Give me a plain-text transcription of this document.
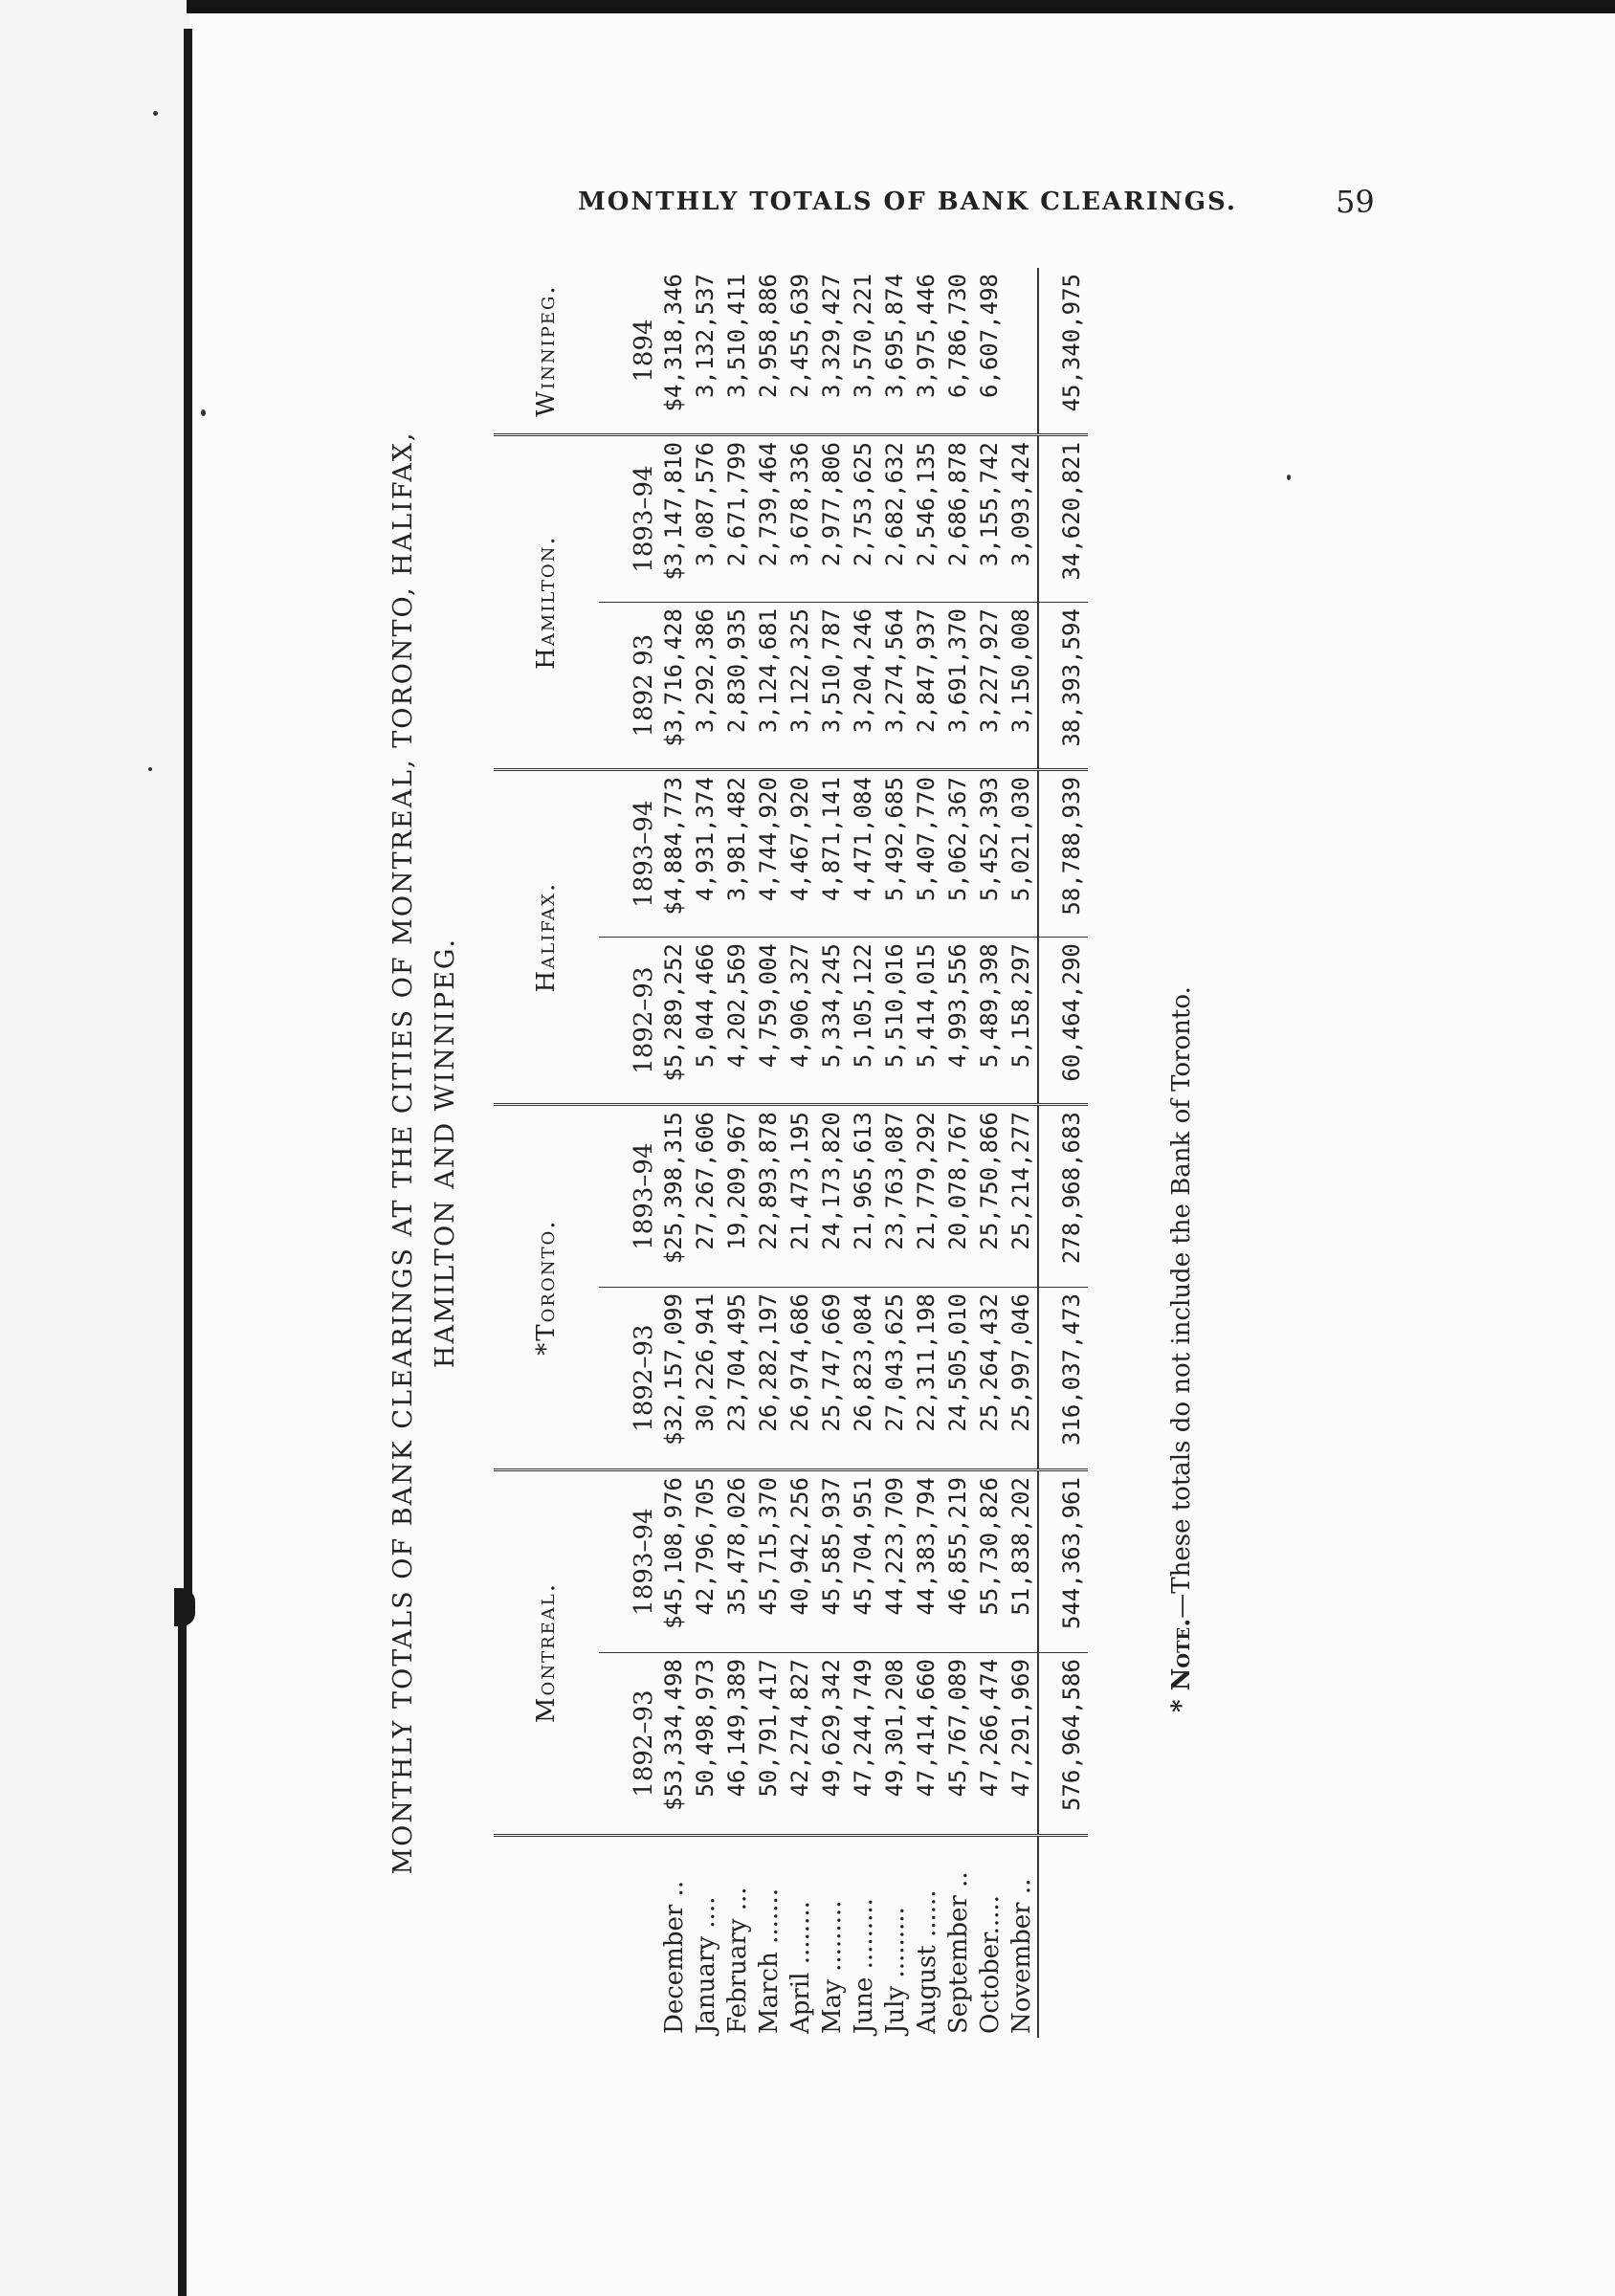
MONTHLY TOTALS OF BANK CLEARINGS.	59
MONTHLY TOTALS OF BANK CLEARINGS AT THE CITIES OF MONTREAL, TORONTO, HALIFAX, HAMILTON AND WINNIPEG.
	Montreal.		*Toronto.		Halifax.		Hamilton.		Winnipeg.
	1892–93	1893–94	1892–93	1893–94	1892–93	1893–94	1892 93	1893–94	1894
December ..	$53,334,498	$45,108,976	$32,157,099	$25,398,315	$5,289,252	$4,884,773	$3,716,428	$3,147,810	$4,318,346
January ....	50,498,973	42,796,705	30,226,941	27,267,606	5,044,466	4,931,374	3,292,386	3,087,576	3,132,537
February ...	46,149,389	35,478,026	23,704,495	19,209,967	4,202,569	3,981,482	2,830,935	2,671,799	3,510,411
March .......	50,791,417	45,715,370	26,282,197	22,893,878	4,759,004	4,744,920	3,124,681	2,739,464	2,958,886
April ........	42,274,827	40,942,256	26,974,686	21,473,195	4,906,327	4,467,920	3,122,325	3,678,336	2,455,639
May .........	49,629,342	45,585,937	25,747,669	24,173,820	5,334,245	4,871,141	3,510,787	2,977,806	3,329,427
June .........	47,244,749	45,704,951	26,823,084	21,965,613	5,105,122	4,471,084	3,204,246	2,753,625	3,570,221
July .........	49,301,208	44,223,709	27,043,625	23,763,087	5,510,016	5,492,685	3,274,564	2,682,632	3,695,874
August ......	47,414,660	44,383,794	22,311,198	21,779,292	5,414,015	5,407,770	2,847,937	2,546,135	3,975,446
September ..	45,767,089	46,855,219	24,505,010	20,078,767	4,993,556	5,062,367	3,691,370	2,686,878	6,786,730
October.....	47,266,474	55,730,826	25,264,432	25,750,866	5,489,398	5,452,393	3,227,927	3,155,742	6,607,498
November ..	47,291,969	51,838,202	25,997,046	25,214,277	5,158,297	5,021,030	3,150,008	3,093,424	
	576,964,586	544,363,961	316,037,473	278,968,683	60,464,290	58,788,939	38,393,594	34,620,821	45,340,975
* Note.—These totals do not include the Bank of Toronto.
